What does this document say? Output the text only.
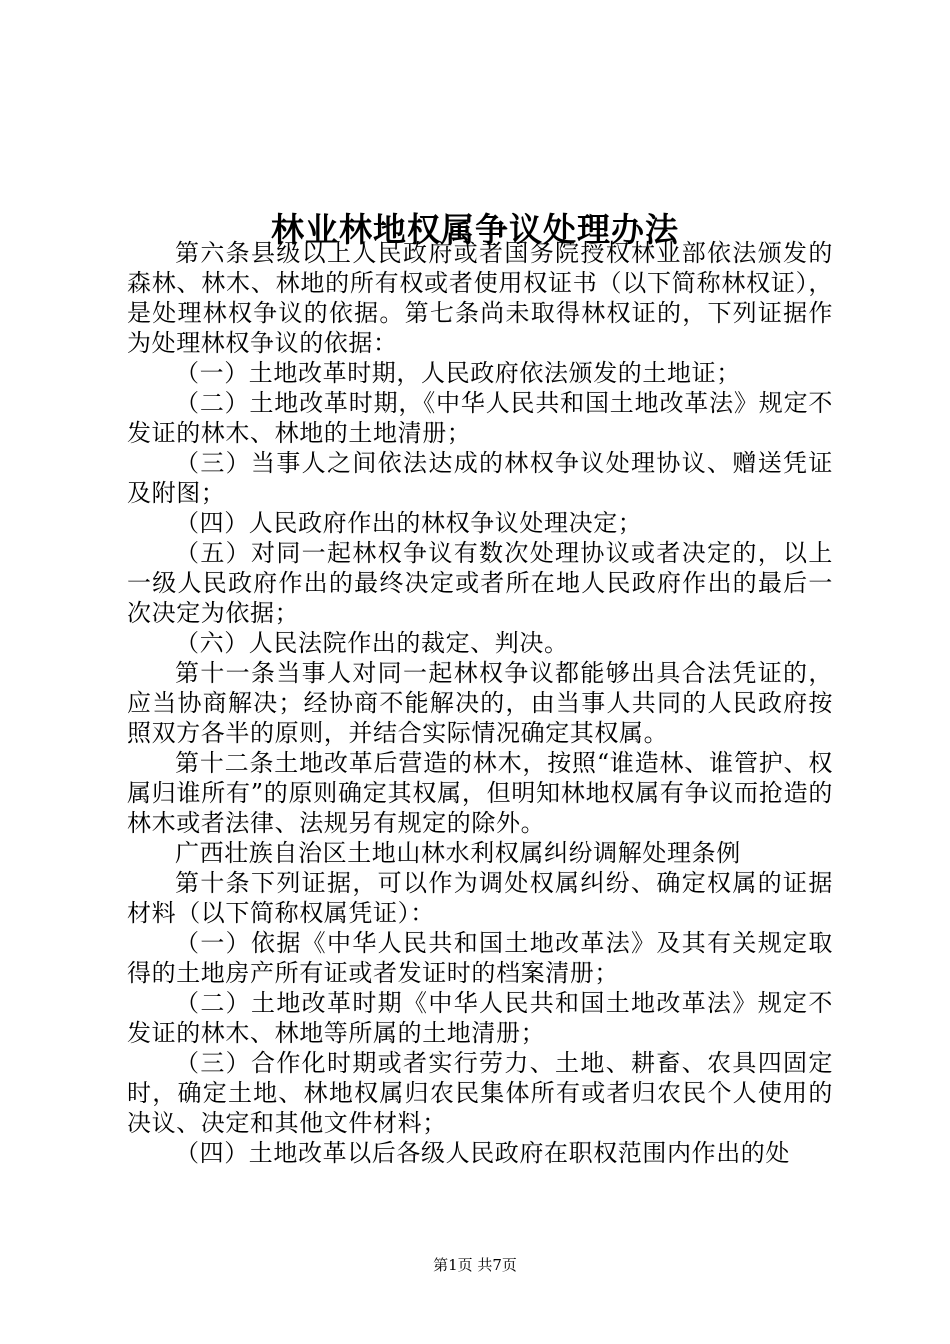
林业林地权属争议处理办法

第六条县级以上人民政府或者国务院授权林业部依法颁发的森林、林木、林地的所有权或者使用权证书（以下简称林权证），是处理林权争议的依据。第七条尚未取得林权证的，下列证据作为处理林权争议的依据：

（一）土地改革时期，人民政府依法颁发的土地证；

（二）土地改革时期，《中华人民共和国土地改革法》规定不发证的林木、林地的土地清册；

（三）当事人之间依法达成的林权争议处理协议、赠送凭证及附图；

（四）人民政府作出的林权争议处理决定；

（五）对同一起林权争议有数次处理协议或者决定的，以上一级人民政府作出的最终决定或者所在地人民政府作出的最后一次决定为依据；

（六）人民法院作出的裁定、判决。

第十一条当事人对同一起林权争议都能够出具合法凭证的，应当协商解决；经协商不能解决的，由当事人共同的人民政府按照双方各半的原则，并结合实际情况确定其权属。

第十二条土地改革后营造的林木，按照“谁造林、谁管护、权属归谁所有”的原则确定其权属，但明知林地权属有争议而抢造的林木或者法律、法规另有规定的除外。

广西壮族自治区土地山林水利权属纠纷调解处理条例

第十条下列证据，可以作为调处权属纠纷、确定权属的证据材料（以下简称权属凭证）：

（一）依据《中华人民共和国土地改革法》及其有关规定取得的土地房产所有证或者发证时的档案清册；

（二）土地改革时期《中华人民共和国土地改革法》规定不发证的林木、林地等所属的土地清册；

（三）合作化时期或者实行劳力、土地、耕畜、农具四固定时，确定土地、林地权属归农民集体所有或者归农民个人使用的决议、决定和其他文件材料；

（四）土地改革以后各级人民政府在职权范围内作出的处

第1页 共7页
